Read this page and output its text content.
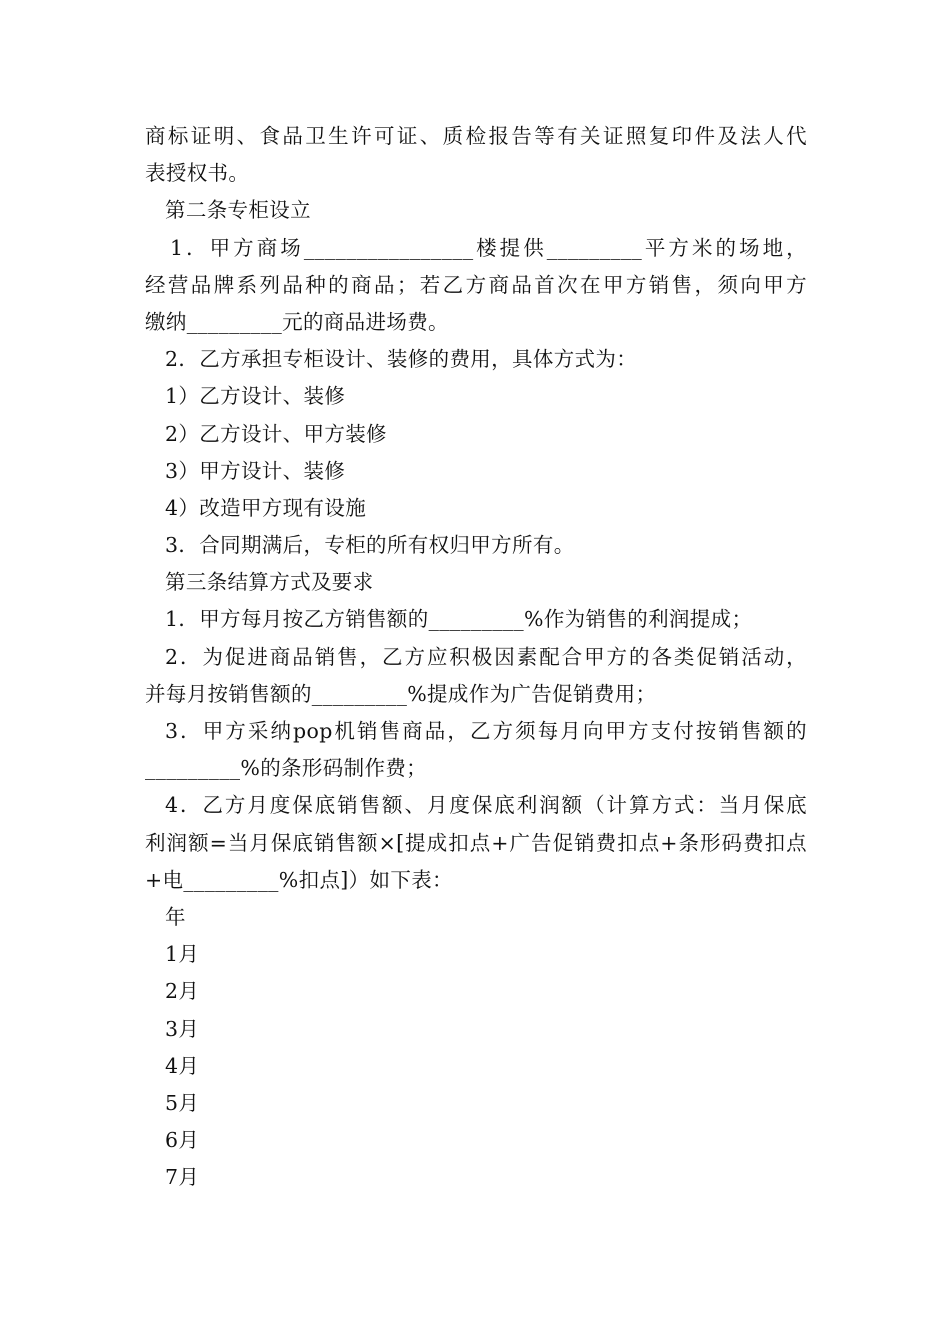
商标证明、食品卫生许可证、质检报告等有关证照复印件及法人代
表授权书。
第二条专柜设立
1．甲方商场________________楼提供_________平方米的场地，
经营品牌系列品种的商品；若乙方商品首次在甲方销售，须向甲方
缴纳_________元的商品进场费。
2．乙方承担专柜设计、装修的费用，具体方式为：
1）乙方设计、装修
2）乙方设计、甲方装修
3）甲方设计、装修
4）改造甲方现有设施
3．合同期满后，专柜的所有权归甲方所有。
第三条结算方式及要求
1．甲方每月按乙方销售额的_________%作为销售的利润提成；
2．为促进商品销售，乙方应积极因素配合甲方的各类促销活动，
并每月按销售额的_________%提成作为广告促销费用；
3．甲方采纳pop机销售商品，乙方须每月向甲方支付按销售额的
_________%的条形码制作费；
4．乙方月度保底销售额、月度保底利润额（计算方式：当月保底
利润额=当月保底销售额×[提成扣点+广告促销费扣点+条形码费扣点
+电_________%扣点]）如下表：
年
1月
2月
3月
4月
5月
6月
7月
